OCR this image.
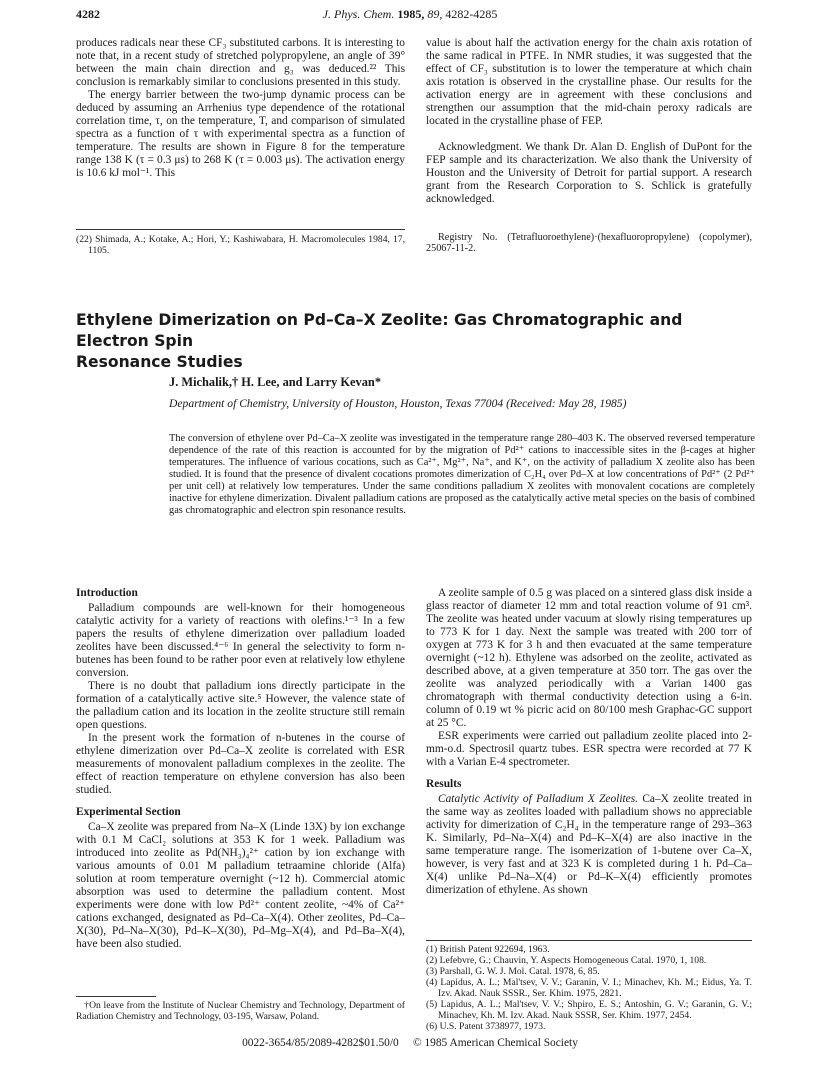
4282	J. Phys. Chem. 1985, 89, 4282-4285

produces radicals near these CF₃ substituted carbons. It is interesting to note that, in a recent study of stretched polypropylene, an angle of 39° between the main chain direction and g₃ was deduced.²² This conclusion is remarkably similar to conclusions presented in this study.

The energy barrier between the two-jump dynamic process can be deduced by assuming an Arrhenius type dependence of the rotational correlation time, τ, on the temperature, T, and comparison of simulated spectra as a function of τ with experimental spectra as a function of temperature. The results are shown in Figure 8 for the temperature range 138 K (τ = 0.3 μs) to 268 K (τ = 0.003 μs). The activation energy is 10.6 kJ mol⁻¹. This

(22) Shimada, A.; Kotake, A.; Hori, Y.; Kashiwabara, H. Macromolecules 1984, 17, 1105.

value is about half the activation energy for the chain axis rotation of the same radical in PTFE. In NMR studies, it was suggested that the effect of CF₃ substitution is to lower the temperature at which chain axis rotation is observed in the crystalline phase. Our results for the activation energy are in agreement with these conclusions and strengthen our assumption that the mid-chain peroxy radicals are located in the crystalline phase of FEP.

Acknowledgment. We thank Dr. Alan D. English of DuPont for the FEP sample and its characterization. We also thank the University of Houston and the University of Detroit for partial support. A research grant from the Research Corporation to S. Schlick is gratefully acknowledged.

Registry No. (Tetrafluoroethylene)·(hexafluoropropylene) (copolymer), 25067-11-2.

Ethylene Dimerization on Pd–Ca–X Zeolite: Gas Chromatographic and Electron Spin
Resonance Studies
J. Michalik,† H. Lee, and Larry Kevan*
Department of Chemistry, University of Houston, Houston, Texas 77004 (Received: May 28, 1985)
The conversion of ethylene over Pd–Ca–X zeolite was investigated in the temperature range 280–403 K. The observed reversed temperature dependence of the rate of this reaction is accounted for by the migration of Pd²⁺ cations to inaccessible sites in the β-cages at higher temperatures. The influence of various cocations, such as Ca²⁺, Mg²⁺, Na⁺, and K⁺, on the activity of palladium X zeolite also has been studied. It is found that the presence of divalent cocations promotes dimerization of C₂H₄ over Pd–X at low concentrations of Pd²⁺ (2 Pd²⁺ per unit cell) at relatively low temperatures. Under the same conditions palladium X zeolites with monovalent cocations are completely inactive for ethylene dimerization. Divalent palladium cations are proposed as the catalytically active metal species on the basis of combined gas chromatographic and electron spin resonance results.
Introduction

Palladium compounds are well-known for their homogeneous catalytic activity for a variety of reactions with olefins.¹⁻³ In a few papers the results of ethylene dimerization over palladium loaded zeolites have been discussed.⁴⁻⁶ In general the selectivity to form n-butenes has been found to be rather poor even at relatively low ethylene conversion.

There is no doubt that palladium ions directly participate in the formation of a catalytically active site.⁵ However, the valence state of the palladium cation and its location in the zeolite structure still remain open questions.

In the present work the formation of n-butenes in the course of ethylene dimerization over Pd–Ca–X zeolite is correlated with ESR measurements of monovalent palladium complexes in the zeolite. The effect of reaction temperature on ethylene conversion has also been studied.

Experimental Section

Ca–X zeolite was prepared from Na–X (Linde 13X) by ion exchange with 0.1 M CaCl₂ solutions at 353 K for 1 week. Palladium was introduced into zeolite as Pd(NH₃)₄²⁺ cation by ion exchange with various amounts of 0.01 M palladium tetraamine chloride (Alfa) solution at room temperature overnight (~12 h). Commercial atomic absorption was used to determine the palladium content. Most experiments were done with low Pd²⁺ content zeolite, ~4% of Ca²⁺ cations exchanged, designated as Pd–Ca–X(4). Other zeolites, Pd–Ca–X(30), Pd–Na–X(30), Pd–K–X(30), Pd–Mg–X(4), and Pd–Ba–X(4), have been also studied.

†On leave from the Institute of Nuclear Chemistry and Technology, Department of Radiation Chemistry and Technology, 03-195, Warsaw, Poland.

A zeolite sample of 0.5 g was placed on a sintered glass disk inside a glass reactor of diameter 12 mm and total reaction volume of 91 cm³. The zeolite was heated under vacuum at slowly rising temperatures up to 773 K for 1 day. Next the sample was treated with 200 torr of oxygen at 773 K for 3 h and then evacuated at the same temperature overnight (~12 h). Ethylene was adsorbed on the zeolite, activated as described above, at a given temperature at 350 torr. The gas over the zeolite was analyzed periodically with a Varian 1400 gas chromatograph with thermal conductivity detection using a 6-in. column of 0.19 wt % picric acid on 80/100 mesh Graphac-GC support at 25 °C.

ESR experiments were carried out palladium zeolite placed into 2-mm-o.d. Spectrosil quartz tubes. ESR spectra were recorded at 77 K with a Varian E-4 spectrometer.

Results

Catalytic Activity of Palladium X Zeolites. Ca–X zeolite treated in the same way as zeolites loaded with palladium shows no appreciable activity for dimerization of C₂H₄ in the temperature range of 293–363 K. Similarly, Pd–Na–X(4) and Pd–K–X(4) are also inactive in the same temperature range. The isomerization of 1-butene over Ca–X, however, is very fast and at 323 K is completed during 1 h. Pd–Ca–X(4) unlike Pd–Na–X(4) or Pd–K–X(4) efficiently promotes dimerization of ethylene. As shown

(1) British Patent 922694, 1963.

(2) Lefebvre, G.; Chauvin, Y. Aspects Homogeneous Catal. 1970, 1, 108.

(3) Parshall, G. W. J. Mol. Catal. 1978, 6, 85.

(4) Lapidus, A. L.; Mal'tsev, V. V.; Garanin, V. I.; Minachev, Kh. M.; Eidus, Ya. T. Izv. Akad. Nauk SSSR., Ser. Khim. 1975, 2821.

(5) Lapidus, A. L.; Mal'tsev, V. V.; Shpiro, E. S.; Antoshin, G. V.; Garanin, G. V.; Minachev, Kh. M. Izv. Akad. Nauk SSSR, Ser. Khim. 1977, 2454.

(6) U.S. Patent 3738977, 1973.

0022-3654/85/2089-4282$01.50/0 © 1985 American Chemical Society
